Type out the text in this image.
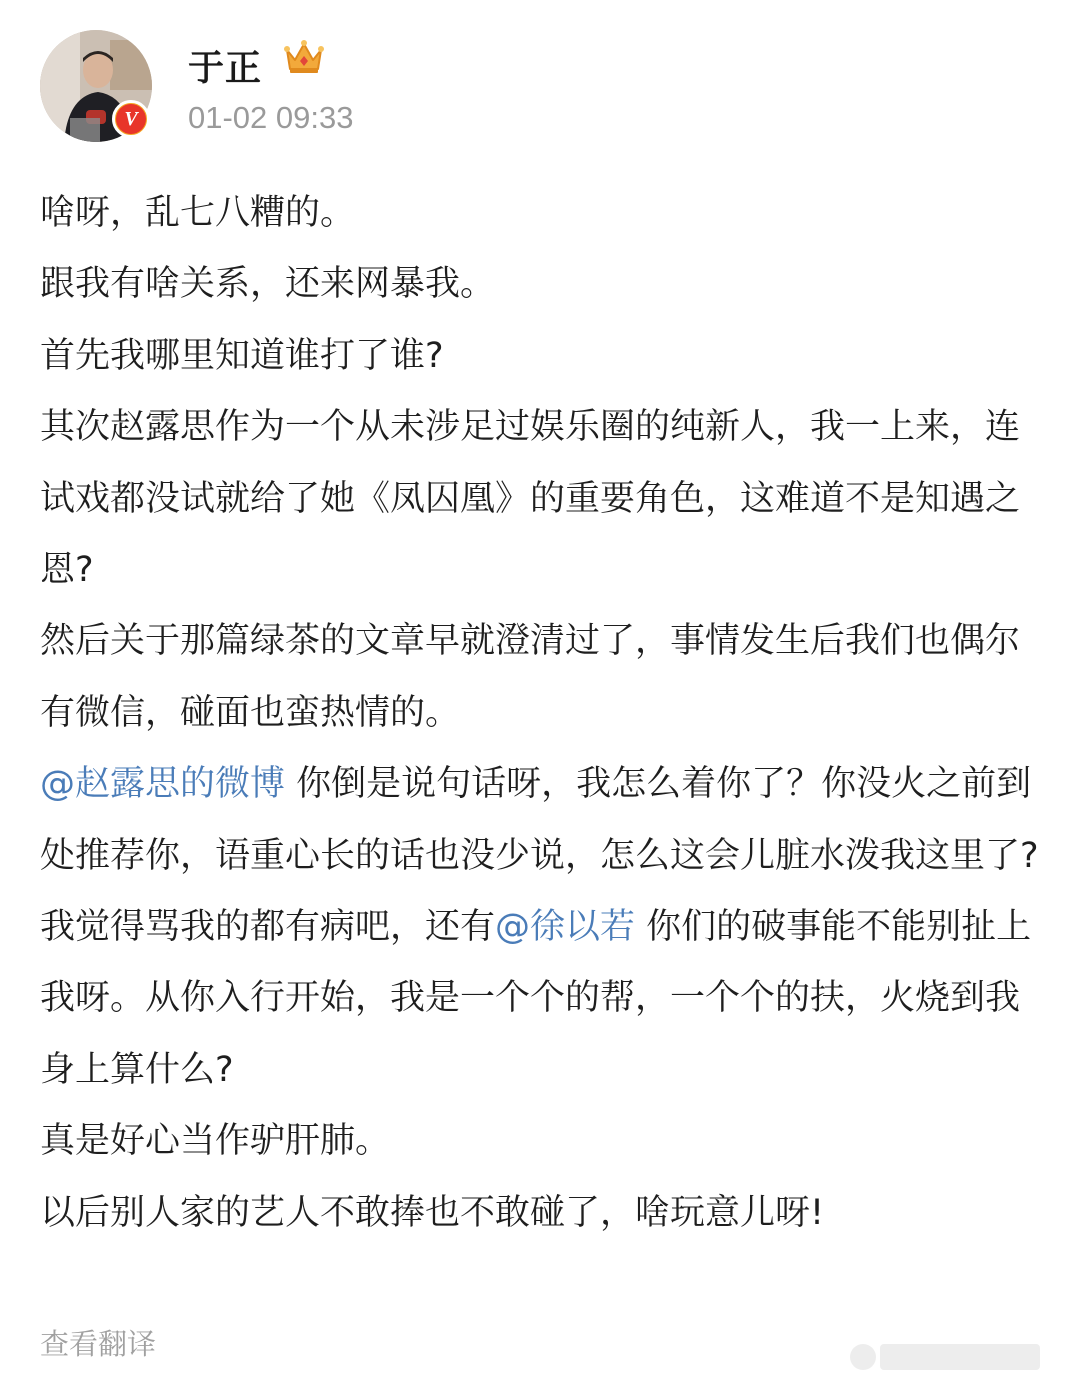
V
于正
01-02 09:33

啥呀，乱七八糟的。

跟我有啥关系，还来网暴我。

首先我哪里知道谁打了谁?

其次赵露思作为一个从未涉足过娱乐圈的纯新人，我一上来，连试戏都没试就给了她《凤囚凰》的重要角色，这难道不是知遇之恩?

然后关于那篇绿茶的文章早就澄清过了，事情发生后我们也偶尔有微信，碰面也蛮热情的。

@赵露思的微博 你倒是说句话呀，我怎么着你了？你没火之前到处推荐你，语重心长的话也没少说，怎么这会儿脏水泼我这里了?

我觉得骂我的都有病吧，还有@徐以若 你们的破事能不能别扯上我呀。从你入行开始，我是一个个的帮，一个个的扶，火烧到我身上算什么?

真是好心当作驴肝肺。

以后别人家的艺人不敢捧也不敢碰了，啥玩意儿呀!

查看翻译
